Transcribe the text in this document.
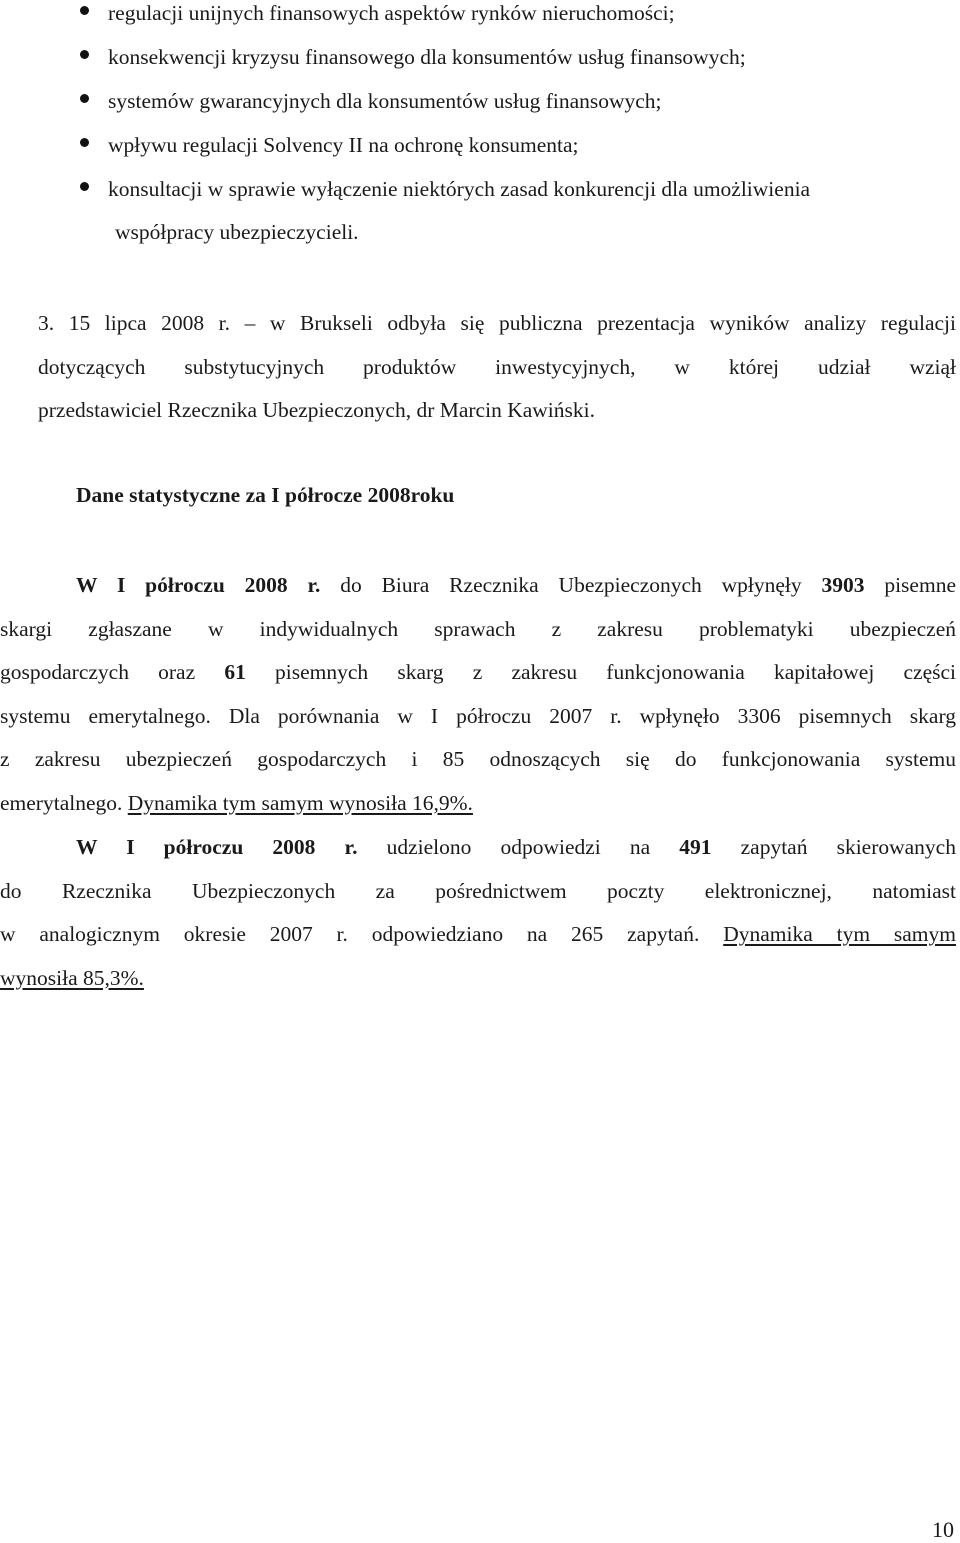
regulacji unijnych finansowych aspektów rynków nieruchomości;
konsekwencji kryzysu finansowego dla konsumentów usług finansowych;
systemów gwarancyjnych dla konsumentów usług finansowych;
wpływu regulacji Solvency II na ochronę konsumenta;
konsultacji w sprawie wyłączenie niektórych zasad konkurencji dla umożliwienia
współpracy ubezpieczycieli.
3. 15 lipca 2008 r. – w Brukseli odbyła się publiczna prezentacja wyników analizy regulacji
dotyczących substytucyjnych produktów inwestycyjnych, w której udział wziął
przedstawiciel Rzecznika Ubezpieczonych, dr Marcin Kawiński.
Dane statystyczne za I półrocze 2008roku
W I półroczu 2008 r. do Biura Rzecznika Ubezpieczonych wpłynęły 3903 pisemne
skargi zgłaszane w indywidualnych sprawach z zakresu problematyki ubezpieczeń
gospodarczych oraz 61 pisemnych skarg z zakresu funkcjonowania kapitałowej części
systemu emerytalnego. Dla porównania w I półroczu 2007 r. wpłynęło 3306 pisemnych skarg
z zakresu ubezpieczeń gospodarczych i 85 odnoszących się do funkcjonowania systemu
emerytalnego. Dynamika tym samym wynosiła 16,9%.
W I półroczu 2008 r. udzielono odpowiedzi na 491 zapytań skierowanych
do Rzecznika Ubezpieczonych za pośrednictwem poczty elektronicznej, natomiast
w analogicznym okresie 2007 r. odpowiedziano na 265 zapytań. Dynamika tym samym
wynosiła 85,3%.
10
